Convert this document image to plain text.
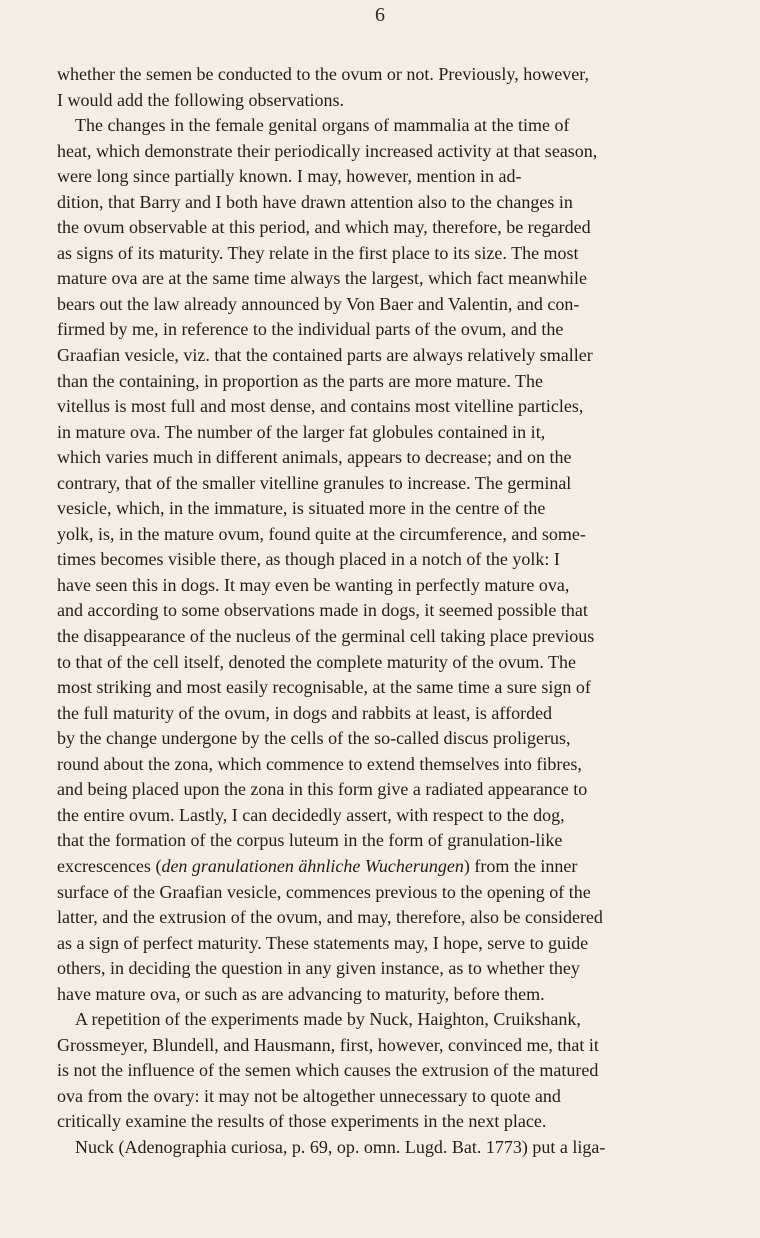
6

whether the semen be conducted to the ovum or not. Previously, however,
I would add the following observations.

The changes in the female genital organs of mammalia at the time of
heat, which demonstrate their periodically increased activity at that season,
were long since partially known. I may, however, mention in ad-
dition, that Barry and I both have drawn attention also to the changes in
the ovum observable at this period, and which may, therefore, be regarded
as signs of its maturity. They relate in the first place to its size. The most
mature ova are at the same time always the largest, which fact meanwhile
bears out the law already announced by Von Baer and Valentin, and con-
firmed by me, in reference to the individual parts of the ovum, and the
Graafian vesicle, viz. that the contained parts are always relatively smaller
than the containing, in proportion as the parts are more mature. The
vitellus is most full and most dense, and contains most vitelline particles,
in mature ova. The number of the larger fat globules contained in it,
which varies much in different animals, appears to decrease; and on the
contrary, that of the smaller vitelline granules to increase. The germinal
vesicle, which, in the immature, is situated more in the centre of the
yolk, is, in the mature ovum, found quite at the circumference, and some-
times becomes visible there, as though placed in a notch of the yolk: I
have seen this in dogs. It may even be wanting in perfectly mature ova,
and according to some observations made in dogs, it seemed possible that
the disappearance of the nucleus of the germinal cell taking place previous
to that of the cell itself, denoted the complete maturity of the ovum. The
most striking and most easily recognisable, at the same time a sure sign of
the full maturity of the ovum, in dogs and rabbits at least, is afforded
by the change undergone by the cells of the so-called discus proligerus,
round about the zona, which commence to extend themselves into fibres,
and being placed upon the zona in this form give a radiated appearance to
the entire ovum. Lastly, I can decidedly assert, with respect to the dog,
that the formation of the corpus luteum in the form of granulation-like
excrescences (den granulationen ähnliche Wucherungen) from the inner
surface of the Graafian vesicle, commences previous to the opening of the
latter, and the extrusion of the ovum, and may, therefore, also be considered
as a sign of perfect maturity. These statements may, I hope, serve to guide
others, in deciding the question in any given instance, as to whether they
have mature ova, or such as are advancing to maturity, before them.

A repetition of the experiments made by Nuck, Haighton, Cruikshank,
Grossmeyer, Blundell, and Hausmann, first, however, convinced me, that it
is not the influence of the semen which causes the extrusion of the matured
ova from the ovary: it may not be altogether unnecessary to quote and
critically examine the results of those experiments in the next place.

Nuck (Adenographia curiosa, p. 69, op. omn. Lugd. Bat. 1773) put a liga-
